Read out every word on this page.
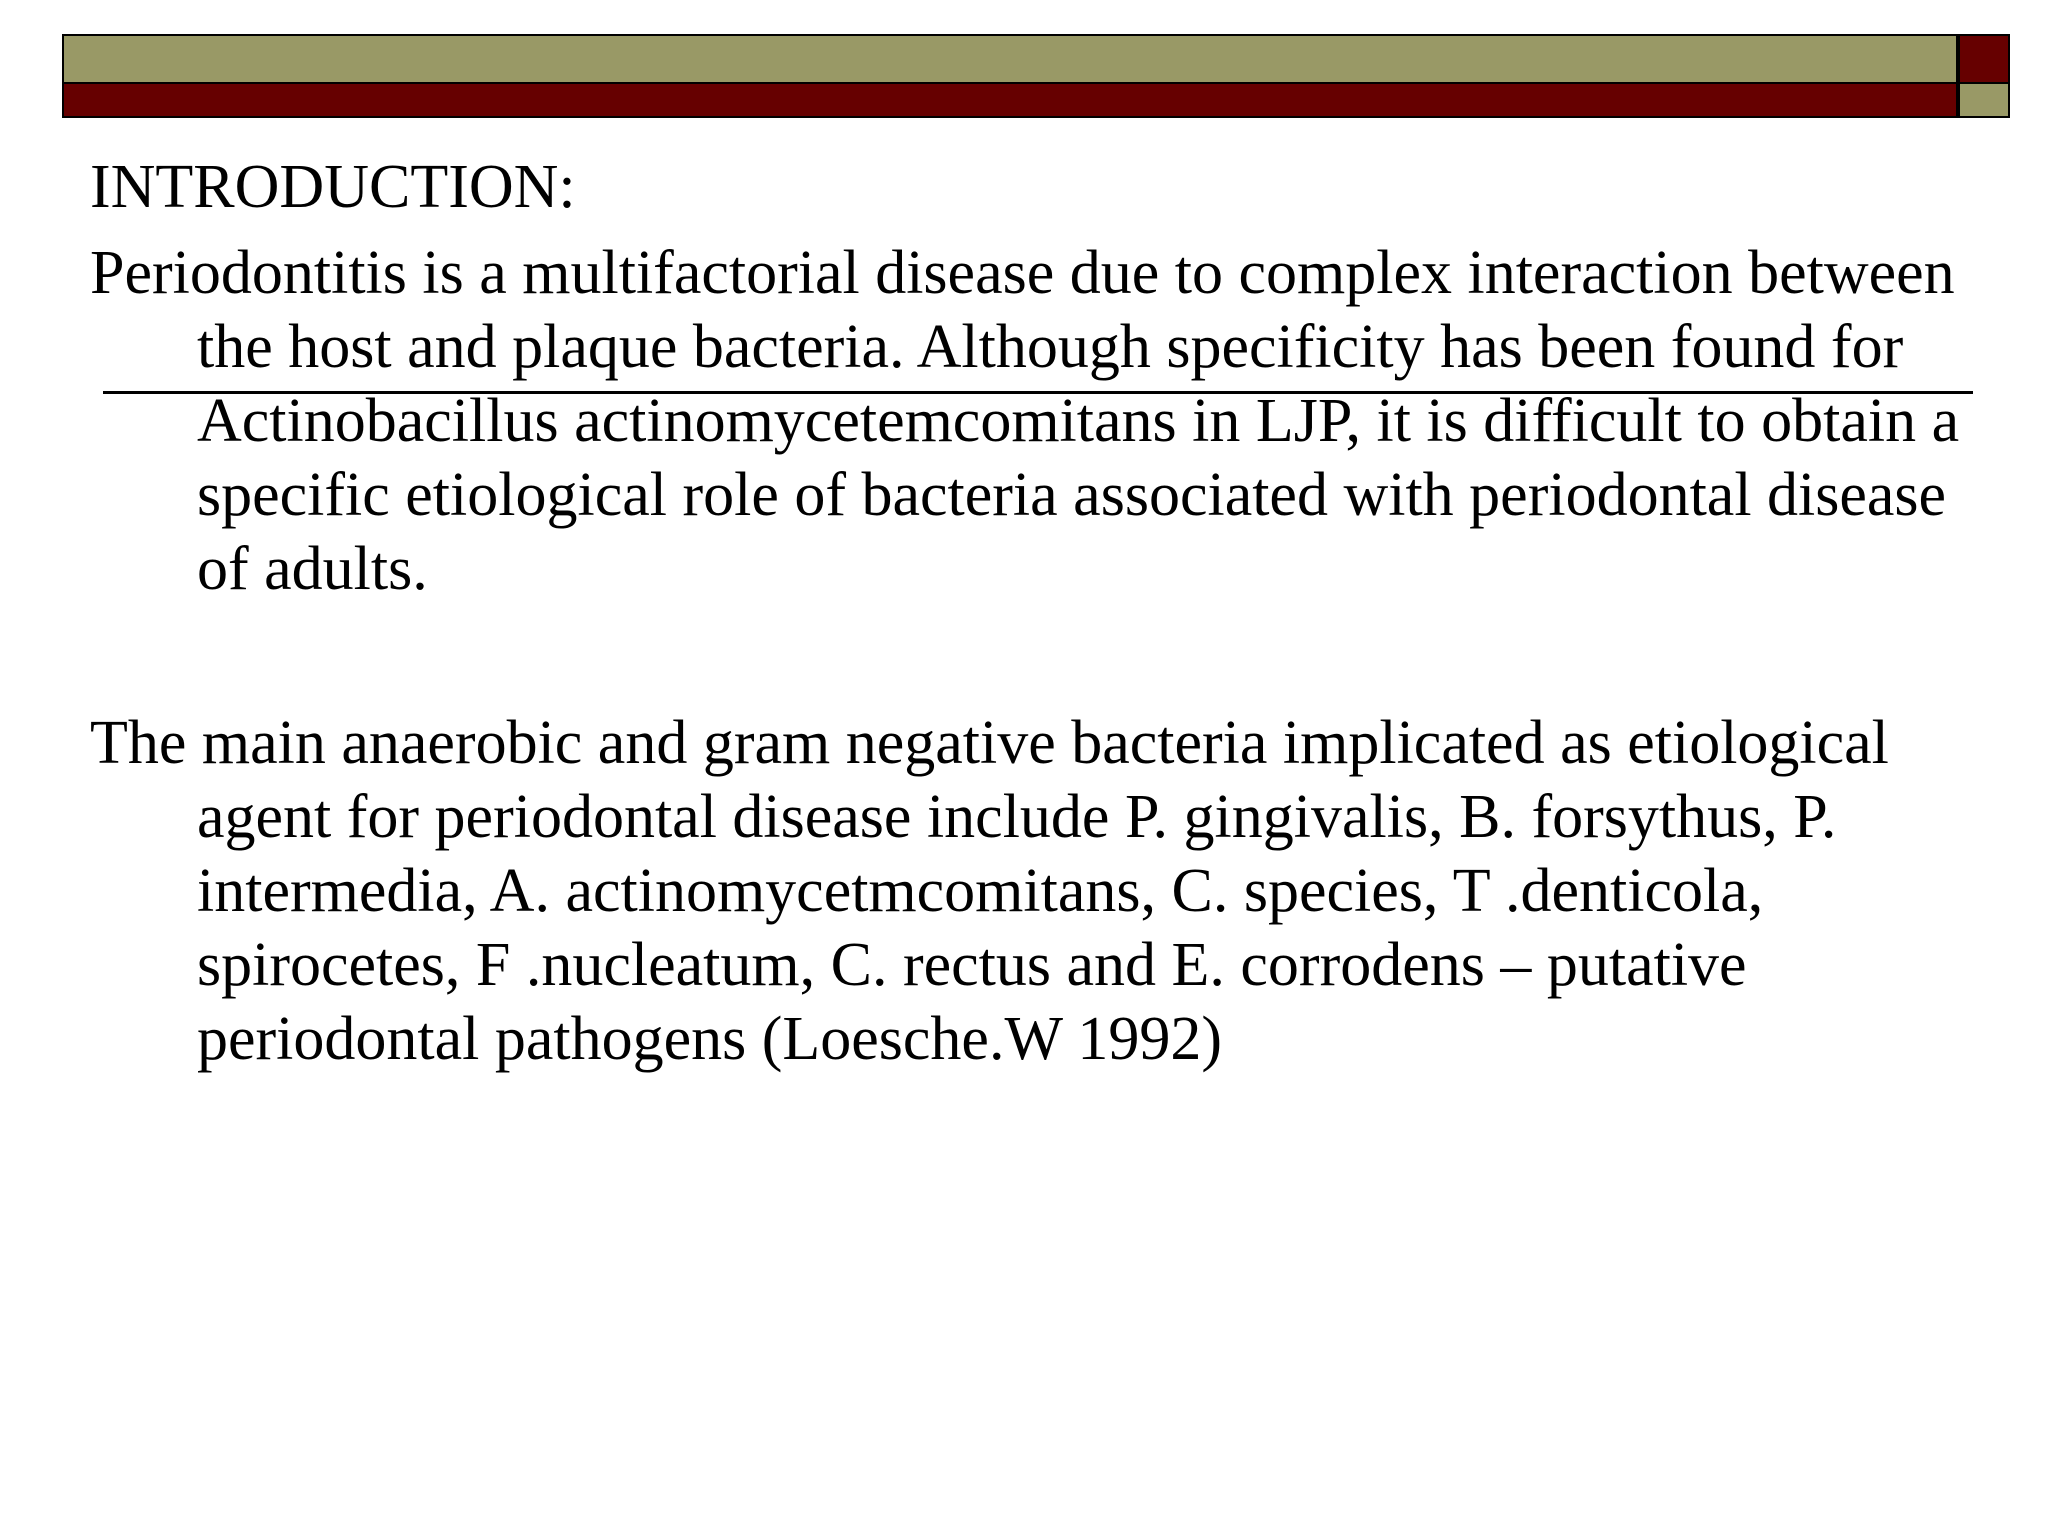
INTRODUCTION:

Periodontitis is a multifactorial disease due to complex interaction between the host and plaque bacteria. Although specificity has been found for Actinobacillus actinomycetemcomitans in LJP, it is difficult to obtain a specific etiological role of bacteria associated with periodontal disease of adults.

The main anaerobic and gram negative bacteria implicated as etiological agent for periodontal disease include P. gingivalis, B. forsythus, P. intermedia, A. actinomycetmcomitans, C. species, T .denticola, spirocetes, F .nucleatum, C. rectus and E. corrodens – putative periodontal pathogens (Loesche.W 1992)
